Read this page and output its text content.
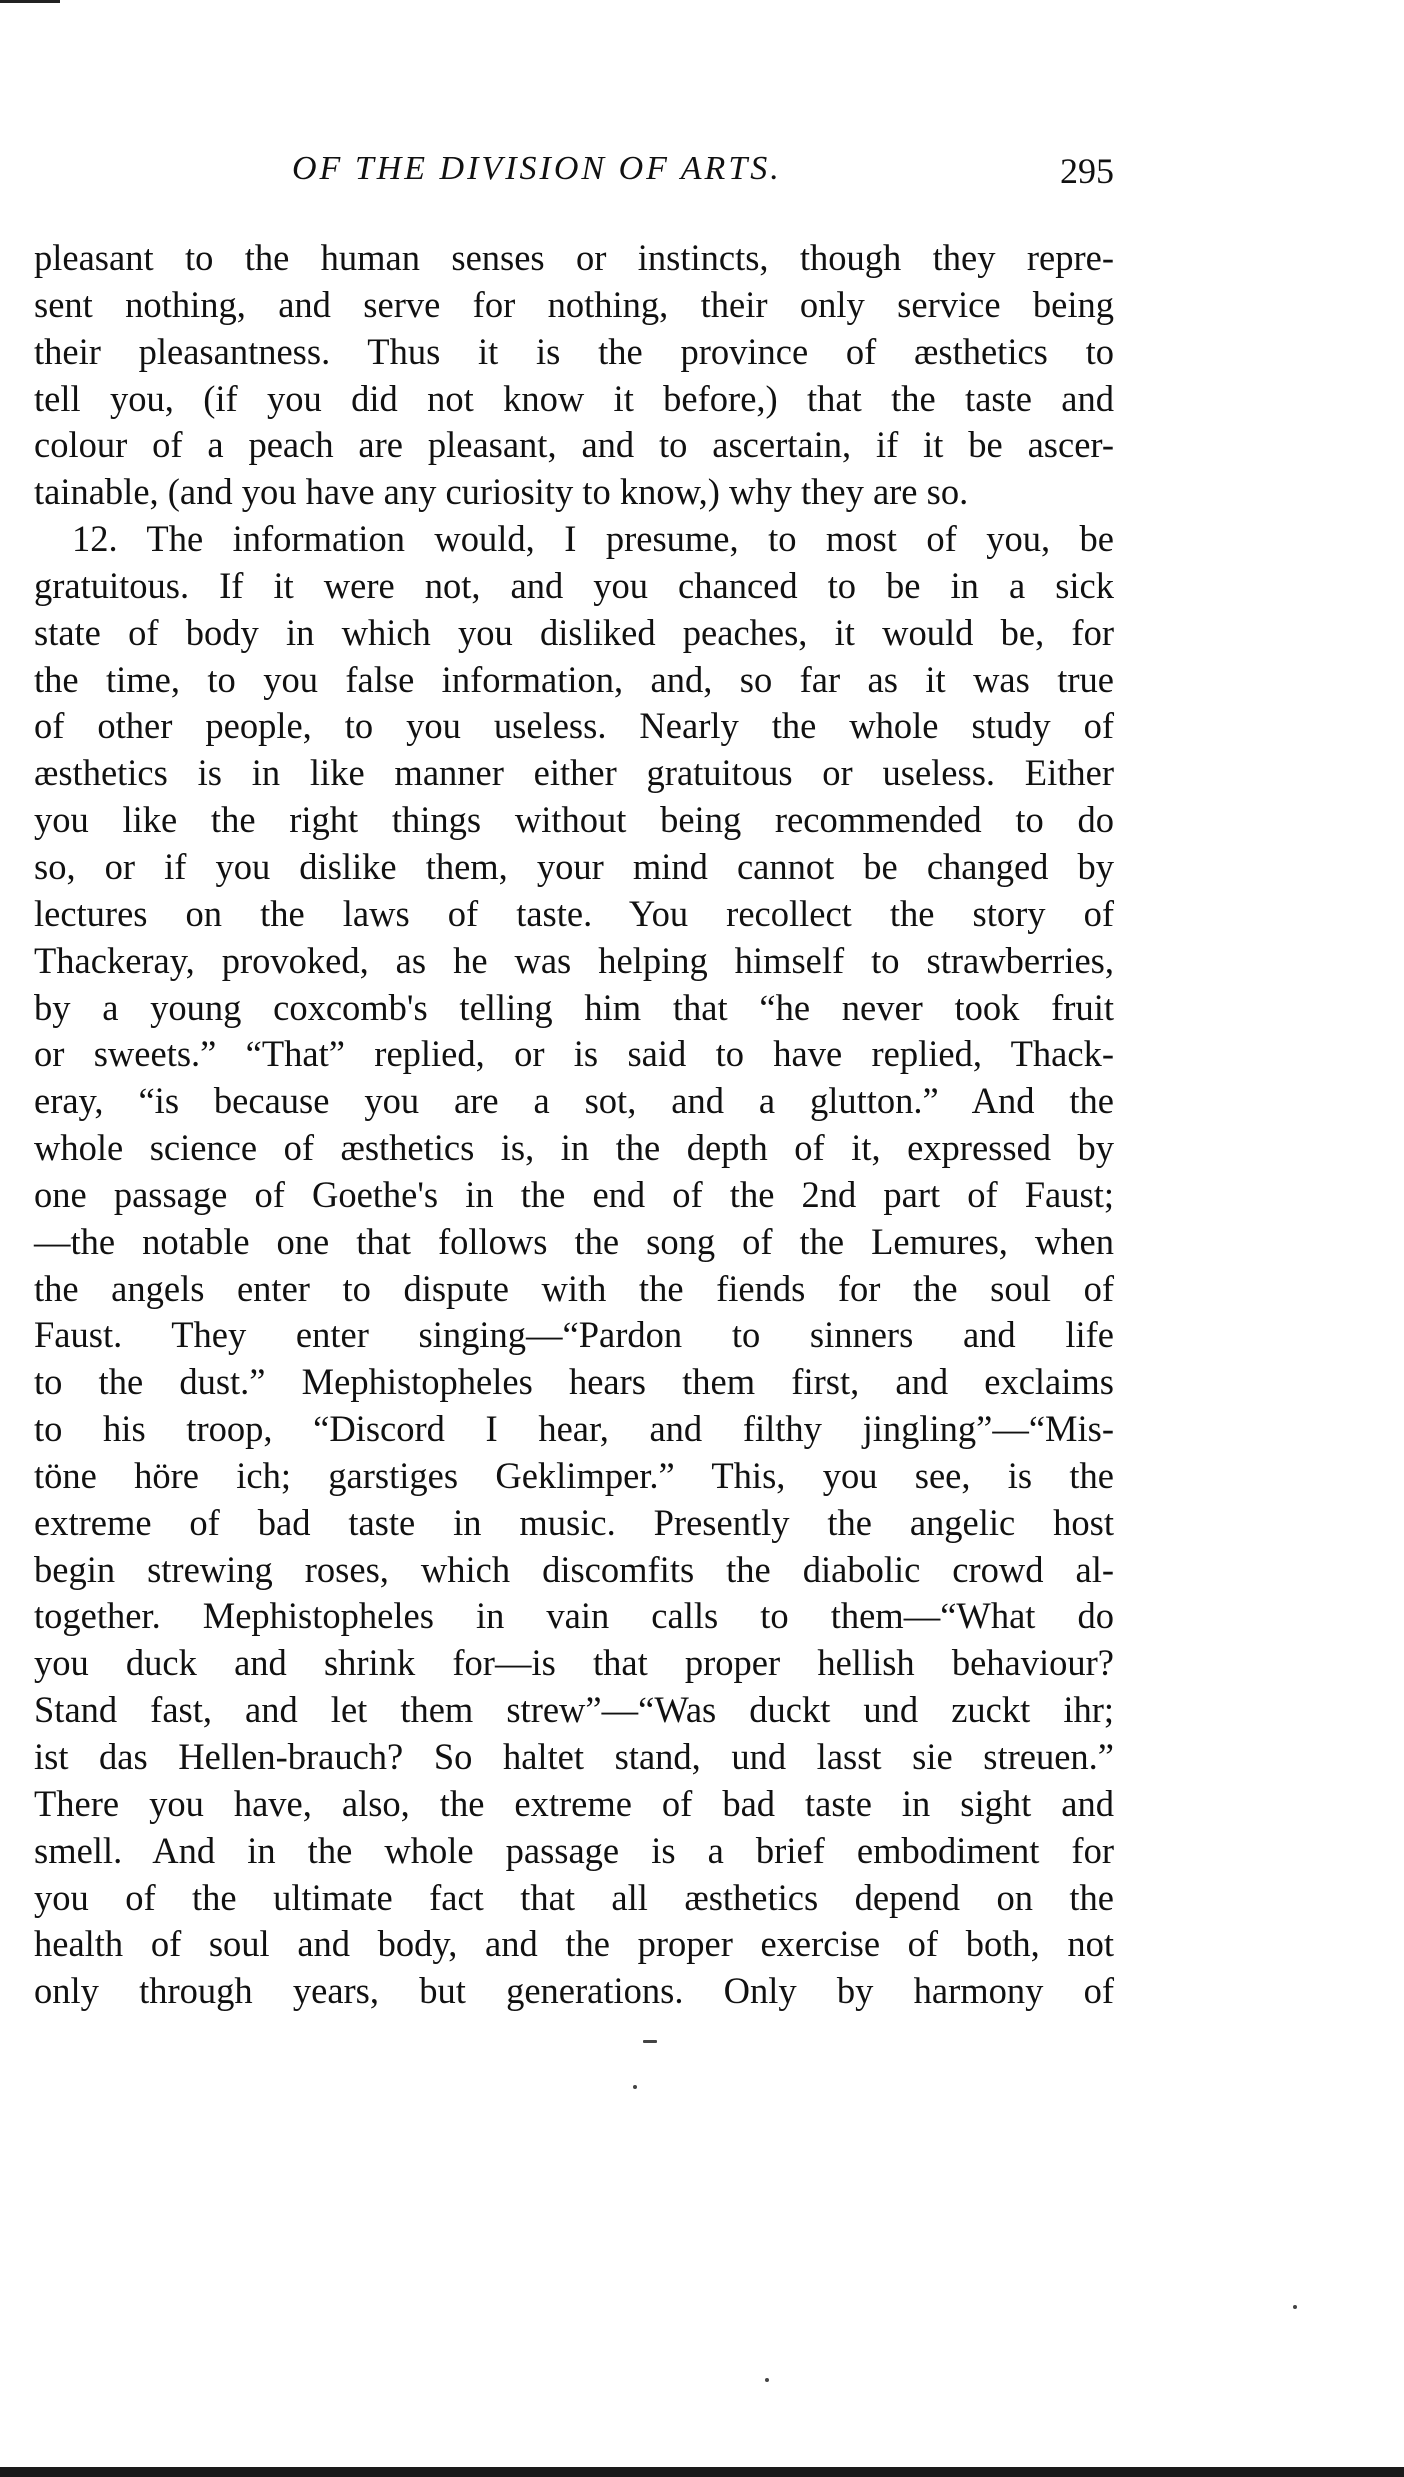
OF THE DIVISION OF ARTS.	295
pleasant to the human senses or instincts, though they repre-
sent nothing, and serve for nothing, their only service being
their pleasantness. Thus it is the province of æsthetics to
tell you, (if you did not know it before,) that the taste and
colour of a peach are pleasant, and to ascertain, if it be ascer-
tainable, (and you have any curiosity to know,) why they are so.
12. The information would, I presume, to most of you, be
gratuitous. If it were not, and you chanced to be in a sick
state of body in which you disliked peaches, it would be, for
the time, to you false information, and, so far as it was true
of other people, to you useless. Nearly the whole study of
æsthetics is in like manner either gratuitous or useless. Either
you like the right things without being recommended to do
so, or if you dislike them, your mind cannot be changed by
lectures on the laws of taste. You recollect the story of
Thackeray, provoked, as he was helping himself to strawberries,
by a young coxcomb's telling him that “he never took fruit
or sweets.” “That” replied, or is said to have replied, Thack-
eray, “is because you are a sot, and a glutton.” And the
whole science of æsthetics is, in the depth of it, expressed by
one passage of Goethe's in the end of the 2nd part of Faust;
—the notable one that follows the song of the Lemures, when
the angels enter to dispute with the fiends for the soul of
Faust. They enter singing—“Pardon to sinners and life
to the dust.” Mephistopheles hears them first, and exclaims
to his troop, “Discord I hear, and filthy jingling”—“Mis-
töne höre ich; garstiges Geklimper.” This, you see, is the
extreme of bad taste in music. Presently the angelic host
begin strewing roses, which discomfits the diabolic crowd al-
together. Mephistopheles in vain calls to them—“What do
you duck and shrink for—is that proper hellish behaviour?
Stand fast, and let them strew”—“Was duckt und zuckt ihr;
ist das Hellen-brauch? So haltet stand, und lasst sie streuen.”
There you have, also, the extreme of bad taste in sight and
smell. And in the whole passage is a brief embodiment for
you of the ultimate fact that all æsthetics depend on the
health of soul and body, and the proper exercise of both, not
only through years, but generations. Only by harmony of
